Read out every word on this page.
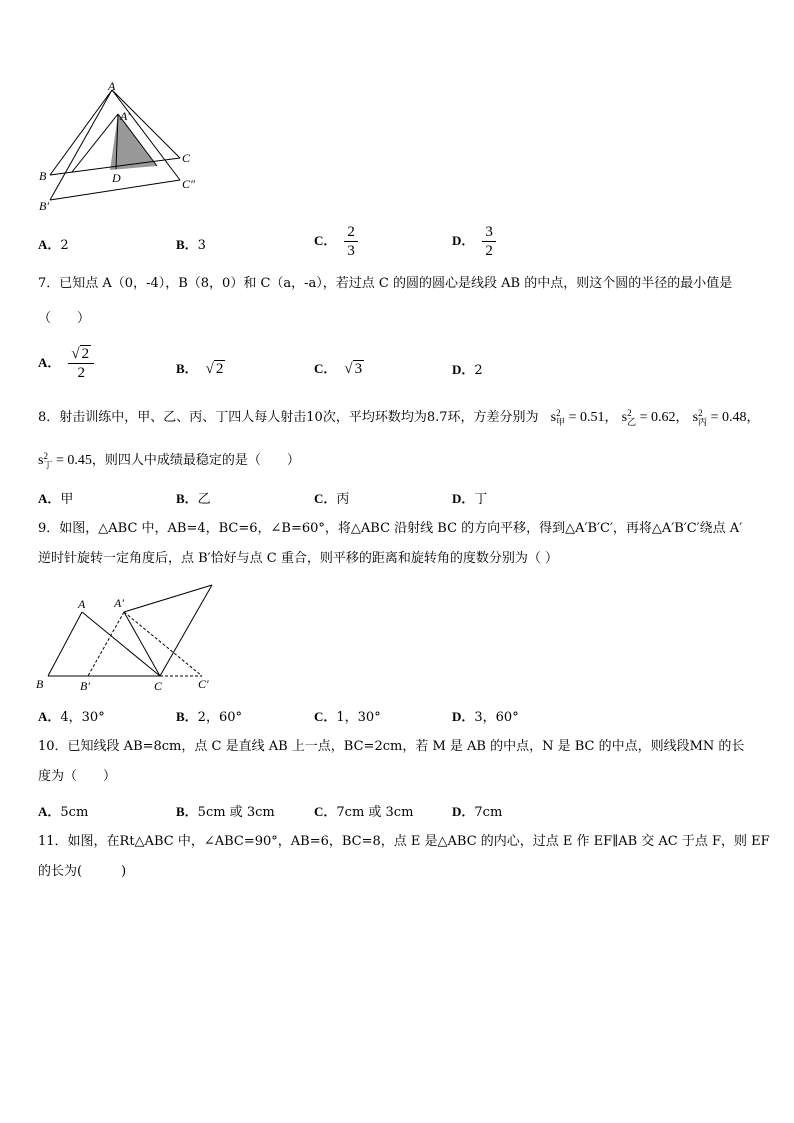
A
A′
B
B′
C
C″
D
A．2	B．3	C． $\frac{2}{3}$	D． $\frac{3}{2}$
7．已知点 A（0，-4），B（8，0）和 C（a，-a），若过点 C 的圆的圆心是线段 AB 的中点，则这个圆的半径的最小值是
（　　）
A． $\frac{√ 2}{2}$	B． √ 2	C． √ 3	D．2
8．射击训练中，甲、乙、丙、丁四人每人射击10次，平均环数均为8.7环，方差分别为 s 2
甲 = 0.51， s 2
乙 = 0.62， s 2
丙 = 0.48，
s 2
丁 = 0.45，则四人中成绩最稳定的是（　　）
A．甲	B．乙	C．丙	D．丁
9．如图，△ABC 中，AB=4，BC=6，∠B=60°，将△ABC 沿射线 BC 的方向平移，得到△A′B′C′，再将△A′B′C′绕点 A′
逆时针旋转一定角度后，点 B′恰好与点 C 重合，则平移的距离和旋转角的度数分别为（ ）
A A′
B	B′	C	C′
A．4，30°	B．2，60°	C．1，30°	D．3，60°
10．已知线段 AB=8cm，点 C 是直线 AB 上一点，BC=2cm，若 M 是 AB 的中点，N 是 BC 的中点，则线段MN 的长
度为（　　）
A．5cm	B．5cm 或 3cm	C．7cm 或 3cm	D．7cm
11．如图，在Rt△ABC 中，∠ABC=90°，AB=6，BC=8，点 E 是△ABC 的内心，过点 E 作 EF∥AB 交 AC 于点 F，则 EF
的长为(　　　)
